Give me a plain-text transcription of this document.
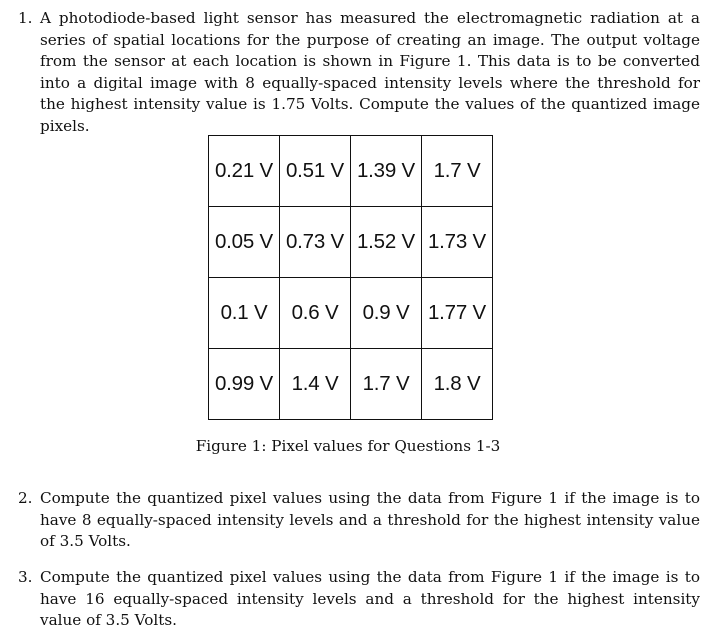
1. A photodiode-based light sensor has measured the electromagnetic radiation at a series of spatial locations for the purpose of creating an image. The output voltage from the sensor at each location is shown in Figure 1. This data is to be converted into a digital image with 8 equally-spaced intensity levels where the threshold for the highest intensity value is 1.75 Volts. Compute the values of the quantized image pixels.
0.21 V	0.51 V	1.39 V	1.7 V
0.05 V	0.73 V	1.52 V	1.73 V
0.1 V	0.6 V	0.9 V	1.77 V
0.99 V	1.4 V	1.7 V	1.8 V
Figure 1: Pixel values for Questions 1-3
2. Compute the quantized pixel values using the data from Figure 1 if the image is to have 8 equally-spaced intensity levels and a threshold for the highest intensity value of 3.5 Volts.
3. Compute the quantized pixel values using the data from Figure 1 if the image is to have 16 equally-spaced intensity levels and a threshold for the highest intensity value of 3.5 Volts.
